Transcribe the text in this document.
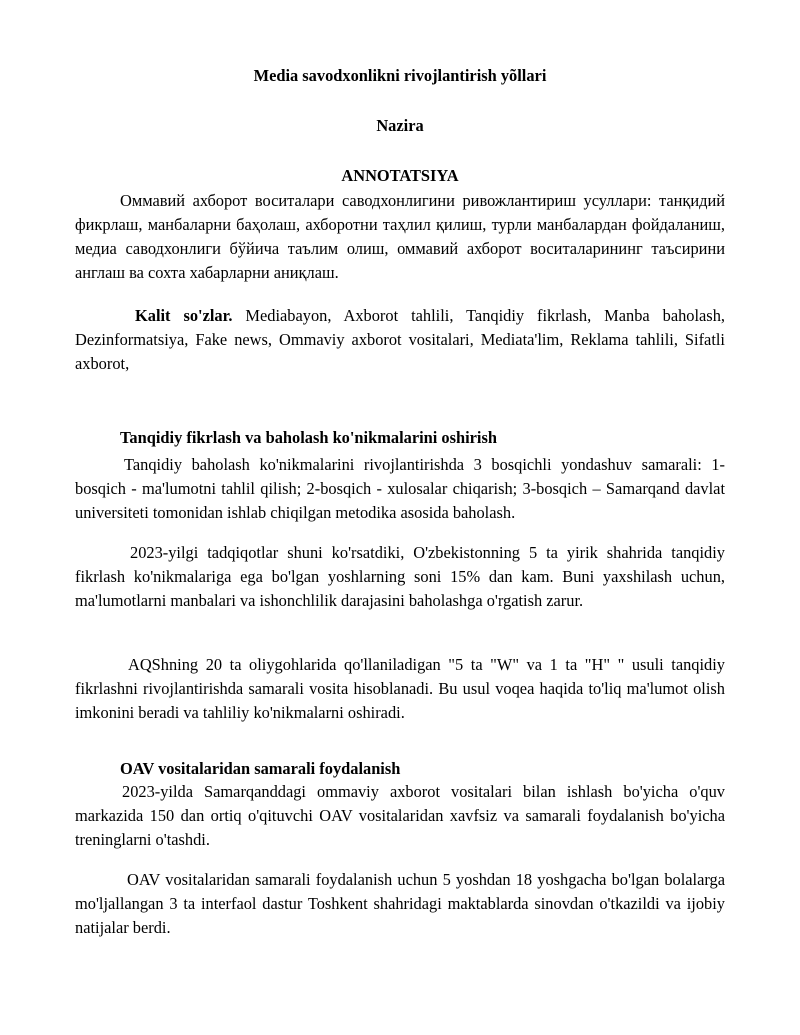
Media savodxonlikni rivojlantirish yõllari
Nazira
ANNOTATSIYA

Оммавий ахборот воситалари саводхонлигини ривожлантириш усуллари: танқидий фикрлаш, манбаларни баҳолаш, ахборотни таҳлил қилиш, турли манбалардан фойдаланиш, медиа саводхонлиги бўйича таълим олиш, оммавий ахборот воситаларининг таъсирини англаш ва сохта хабарларни аниқлаш.

Kalit so'zlar. Mediabayon, Axborot tahlili, Tanqidiy fikrlash, Manba baholash, Dezinformatsiya, Fake news, Ommaviy axborot vositalari, Mediata'lim, Reklama tahlili, Sifatli axborot,

Tanqidiy fikrlash va baholash ko'nikmalarini oshirish

Tanqidiy baholash ko'nikmalarini rivojlantirishda 3 bosqichli yondashuv samarali: 1-bosqich - ma'lumotni tahlil qilish; 2-bosqich - xulosalar chiqarish; 3-bosqich – Samarqand davlat universiteti tomonidan ishlab chiqilgan metodika asosida baholash.

2023-yilgi tadqiqotlar shuni ko'rsatdiki, O'zbekistonning 5 ta yirik shahrida tanqidiy fikrlash ko'nikmalariga ega bo'lgan yoshlarning soni 15% dan kam. Buni yaxshilash uchun, ma'lumotlarni manbalari va ishonchlilik darajasini baholashga o'rgatish zarur.

AQShning 20 ta oliygohlarida qo'llaniladigan "5 ta "W" va 1 ta "H" " usuli tanqidiy fikrlashni rivojlantirishda samarali vosita hisoblanadi. Bu usul voqea haqida to'liq ma'lumot olish imkonini beradi va tahliliy ko'nikmalarni oshiradi.

OAV vositalaridan samarali foydalanish

2023-yilda Samarqanddagi ommaviy axborot vositalari bilan ishlash bo'yicha o'quv markazida 150 dan ortiq o'qituvchi OAV vositalaridan xavfsiz va samarali foydalanish bo'yicha treninglarni o'tashdi.

OAV vositalaridan samarali foydalanish uchun 5 yoshdan 18 yoshgacha bo'lgan bolalarga mo'ljallangan 3 ta interfaol dastur Toshkent shahridagi maktablarda sinovdan o'tkazildi va ijobiy natijalar berdi.
